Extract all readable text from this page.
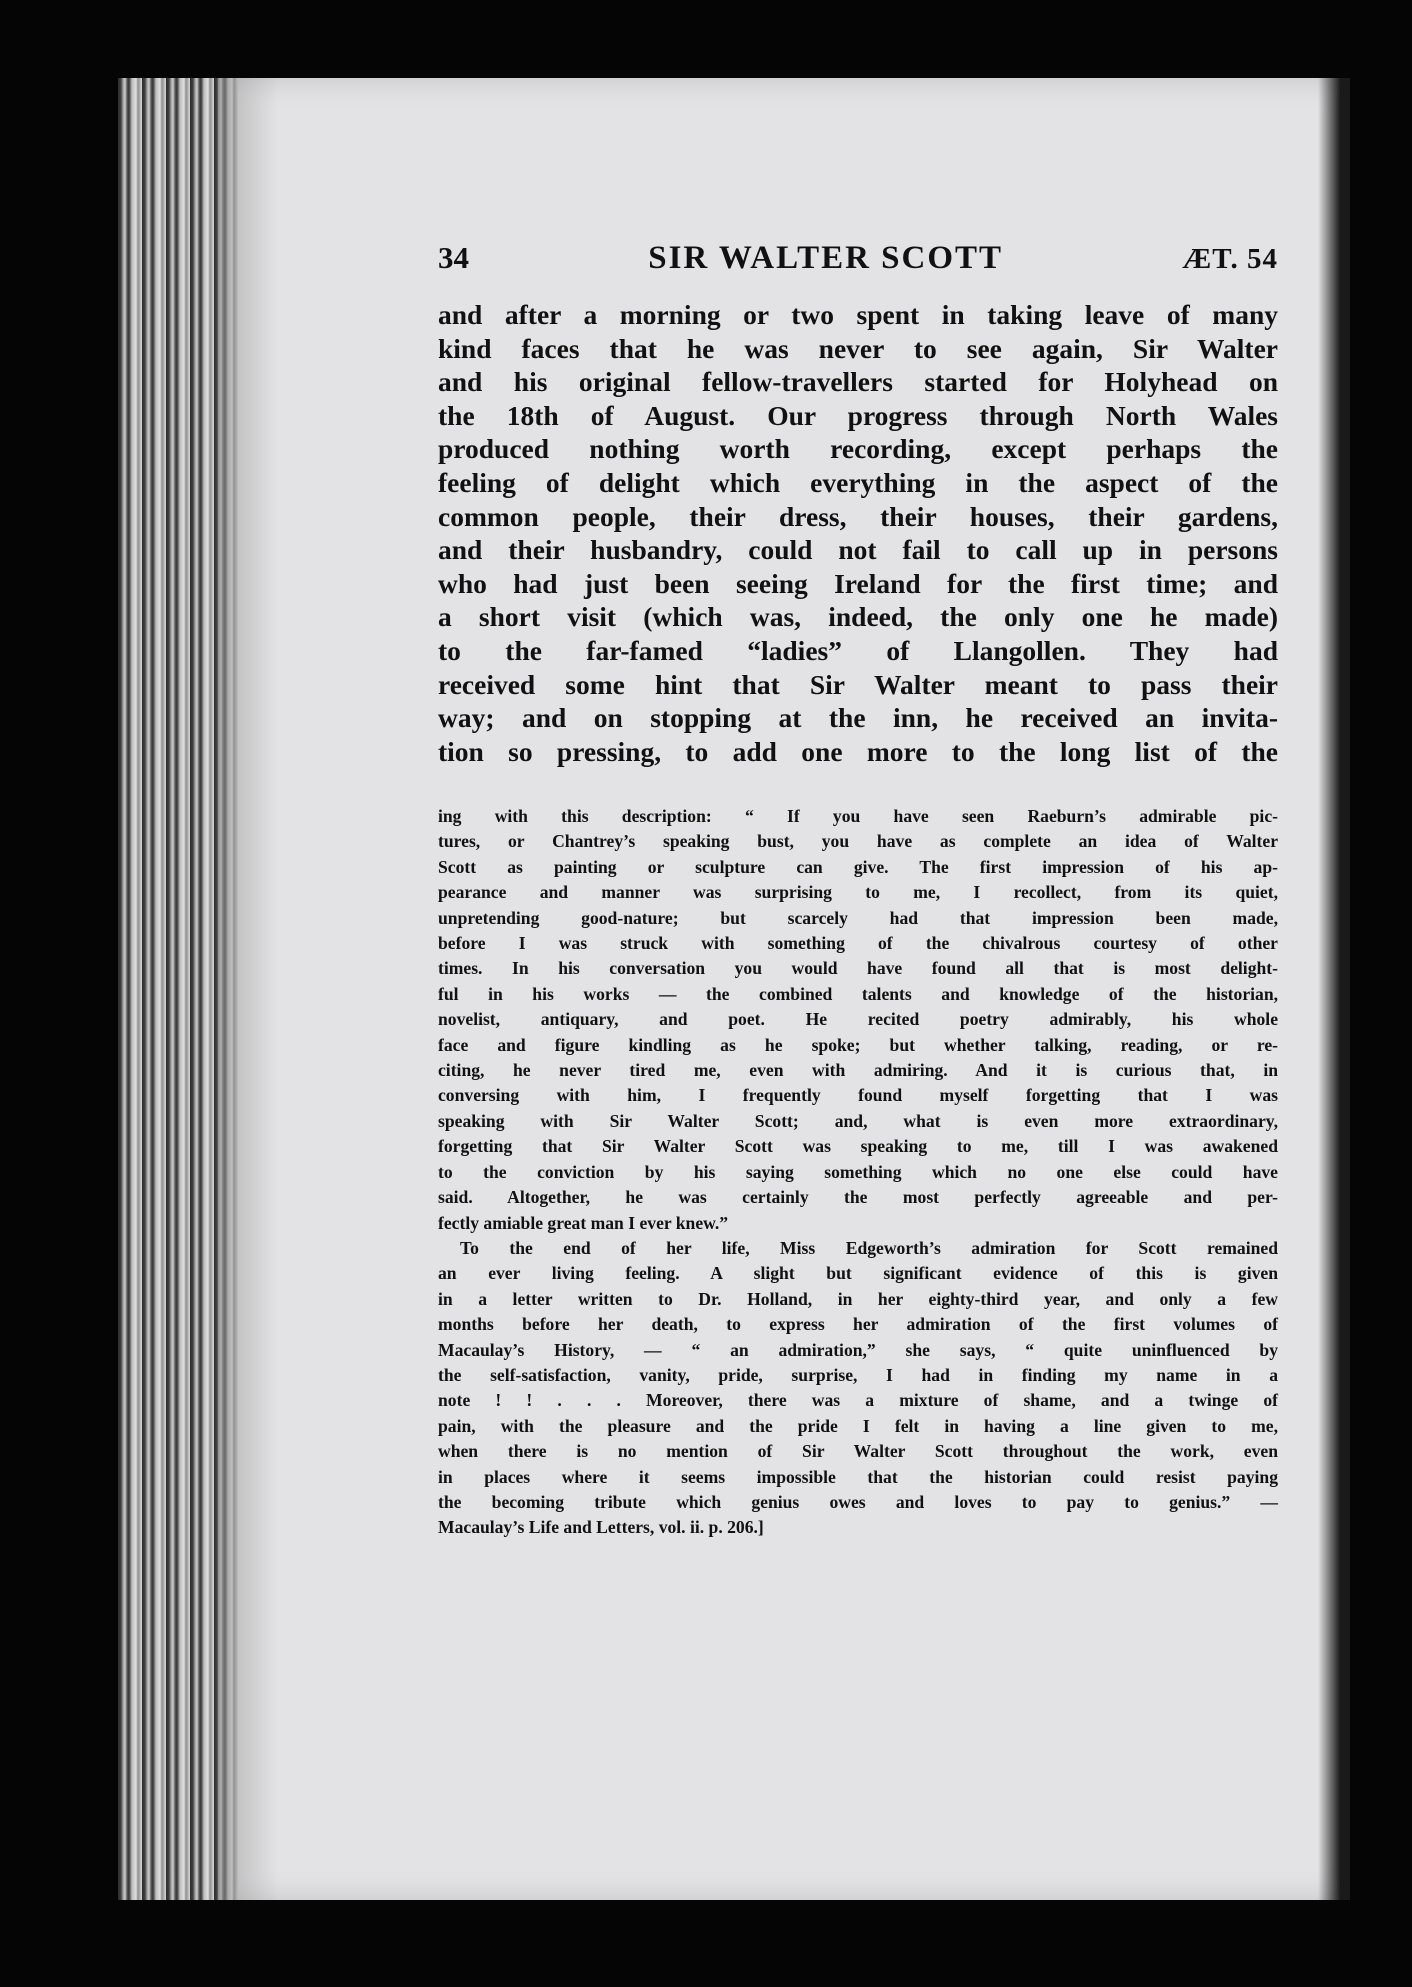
34	SIR WALTER SCOTT	ÆT. 54
and after a morning or two spent in taking leave of many
kind faces that he was never to see again, Sir Walter
and his original fellow-travellers started for Holyhead on
the 18th of August. Our progress through North Wales
produced nothing worth recording, except perhaps the
feeling of delight which everything in the aspect of the
common people, their dress, their houses, their gardens,
and their husbandry, could not fail to call up in persons
who had just been seeing Ireland for the first time; and
a short visit (which was, indeed, the only one he made)
to the far-famed “ladies” of Llangollen. They had
received some hint that Sir Walter meant to pass their
way; and on stopping at the inn, he received an invita-
tion so pressing, to add one more to the long list of the
ing with this description: “ If you have seen Raeburn’s admirable pic-
tures, or Chantrey’s speaking bust, you have as complete an idea of Walter
Scott as painting or sculpture can give. The first impression of his ap-
pearance and manner was surprising to me, I recollect, from its quiet,
unpretending good-nature; but scarcely had that impression been made,
before I was struck with something of the chivalrous courtesy of other
times. In his conversation you would have found all that is most delight-
ful in his works — the combined talents and knowledge of the historian,
novelist, antiquary, and poet. He recited poetry admirably, his whole
face and figure kindling as he spoke; but whether talking, reading, or re-
citing, he never tired me, even with admiring. And it is curious that, in
conversing with him, I frequently found myself forgetting that I was
speaking with Sir Walter Scott; and, what is even more extraordinary,
forgetting that Sir Walter Scott was speaking to me, till I was awakened
to the conviction by his saying something which no one else could have
said. Altogether, he was certainly the most perfectly agreeable and per-
fectly amiable great man I ever knew.”
To the end of her life, Miss Edgeworth’s admiration for Scott remained
an ever living feeling. A slight but significant evidence of this is given
in a letter written to Dr. Holland, in her eighty-third year, and only a few
months before her death, to express her admiration of the first volumes of
Macaulay’s History, — “ an admiration,” she says, “ quite uninfluenced by
the self-satisfaction, vanity, pride, surprise, I had in finding my name in a
note ! ! . . . Moreover, there was a mixture of shame, and a twinge of
pain, with the pleasure and the pride I felt in having a line given to me,
when there is no mention of Sir Walter Scott throughout the work, even
in places where it seems impossible that the historian could resist paying
the becoming tribute which genius owes and loves to pay to genius.” —
Macaulay’s Life and Letters, vol. ii. p. 206.]
